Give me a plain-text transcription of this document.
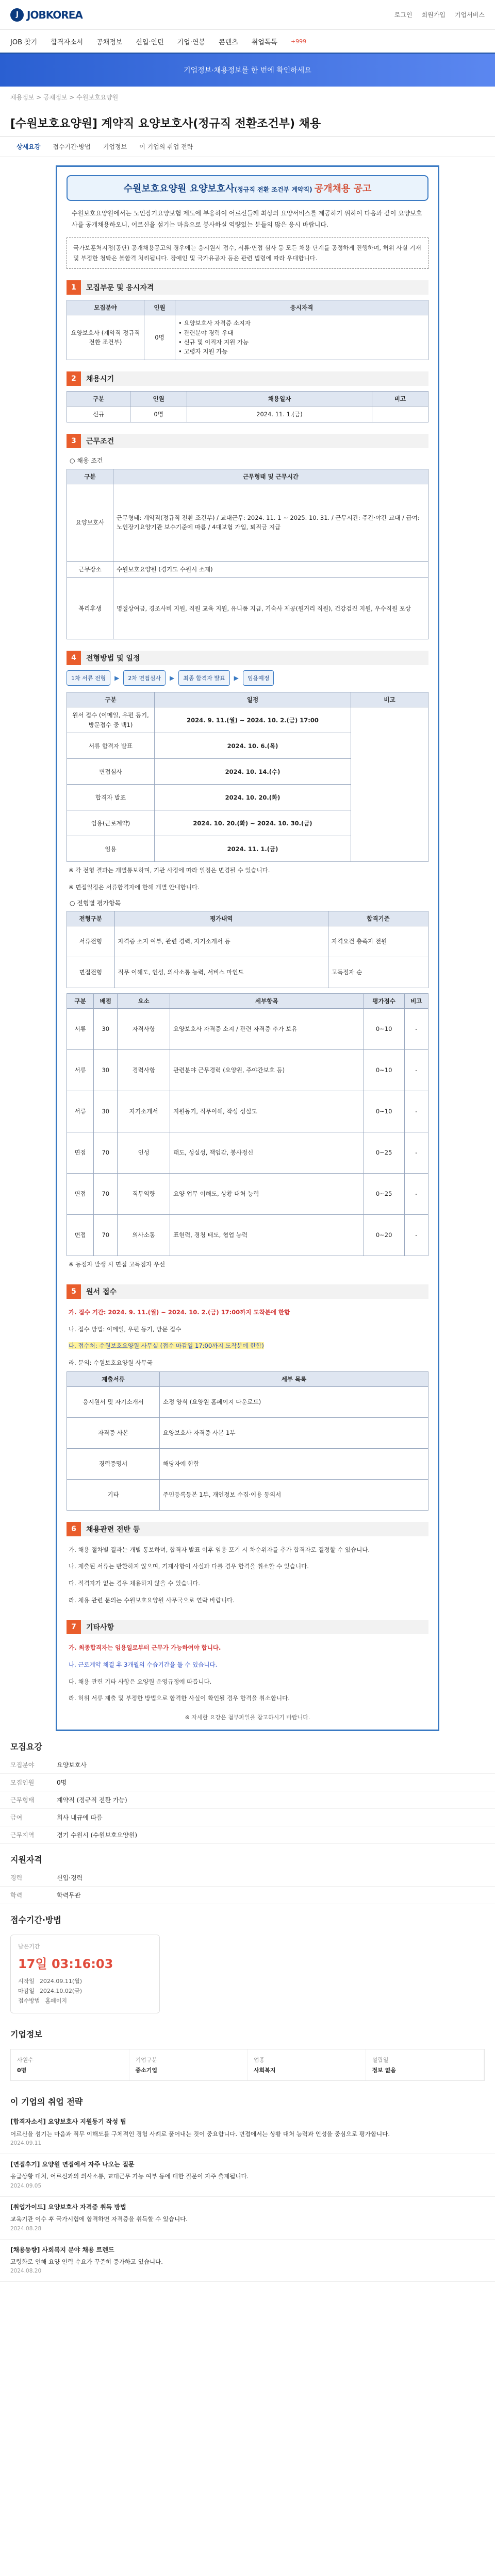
J JOBKOREA	로그인 회원가입 기업서비스
JOB 찾기 합격자소서 공채정보 신입·인턴 기업·연봉 콘텐츠 취업톡톡 +999
기업정보·채용정보를 한 번에 확인하세요
채용정보 > 공채정보 > 수원보호요양원
[수원보호요양원] 계약직 요양보호사(정규직 전환조건부) 채용
상세요강	접수기간·방법	기업정보	이 기업의 취업 전략
수원보호요양원 요양보호사(정규직 전환 조건부 계약직) 공개채용 공고
수원보호요양원에서는 노인장기요양보험 제도에 부응하여 어르신들께 최상의 요양서비스를 제공하기 위하여 다음과 같이 요양보호사를 공개채용하오니, 어르신을 섬기는 마음으로 봉사하실 역량있는 분들의 많은 응시 바랍니다.
국가보훈처지정(공단) 공개채용공고의 경우에는 응시원서 접수, 서류·면접 심사 등 모든 채용 단계를 공정하게 진행하며, 허위 사실 기재 및 부정한 청탁은 불합격 처리됩니다. 장애인 및 국가유공자 등은 관련 법령에 따라 우대합니다.
1	모집부문 및 응시자격
모집분야	인원	응시자격
요양보호사 (계약직 정규직 전환 조건부)	0명	• 요양보호사 자격증 소지자
• 관련분야 경력 우대
• 신규 및 이직자 지원 가능
• 고령자 지원 가능
2	채용시기
구분	인원	채용일자	비고
신규	0명	2024. 11. 1.(금)	
3	근무조건
○ 채용 조건
구분	근무형태 및 근무시간
요양보호사	근무형태: 계약직(정규직 전환 조건부) / 교대근무: 2024. 11. 1 ~ 2025. 10. 31. / 근무시간: 주간·야간 교대 / 급여: 노인장기요양기관 보수기준에 따름 / 4대보험 가입, 퇴직금 지급
근무장소	수원보호요양원 (경기도 수원시 소재)
복리후생	명절상여금, 경조사비 지원, 직원 교육 지원, 유니폼 지급, 기숙사 제공(원거리 직원), 건강검진 지원, 우수직원 포상
4	전형방법 및 일정
1차 서류 전형	▶	2차 면접심사	▶	최종 합격자 발표	▶	임용예정
구분	일정	비고
원서 접수 (이메일, 우편 등기, 방문접수 중 택1)	2024. 9. 11.(월) ~ 2024. 10. 2.(금) 17:00	
서류 합격자 발표	2024. 10. 6.(목)	
면접심사	2024. 10. 14.(수)	
합격자 발표	2024. 10. 20.(화)	
임용(근로계약)	2024. 10. 20.(화) ~ 2024. 10. 30.(금)	
임용	2024. 11. 1.(금)	
※ 각 전형 결과는 개별통보하며, 기관 사정에 따라 일정은 변경될 수 있습니다.
※ 면접일정은 서류합격자에 한해 개별 안내합니다.
○ 전형별 평가항목
전형구분	평가내역	합격기준
서류전형	자격증 소지 여부, 관련 경력, 자기소개서 등	자격요건 충족자 전원
면접전형	직무 이해도, 인성, 의사소통 능력, 서비스 마인드	고득점자 순
구분	배점	요소	세부항목	평가점수	비고
서류	30	자격사항	요양보호사 자격증 소지 / 관련 자격증 추가 보유	0~10	-
서류	30	경력사항	관련분야 근무경력 (요양원, 주야간보호 등)	0~10	-
서류	30	자기소개서	지원동기, 직무이해, 작성 성실도	0~10	-
면접	70	인성	태도, 성실성, 책임감, 봉사정신	0~25	-
면접	70	직무역량	요양 업무 이해도, 상황 대처 능력	0~25	-
면접	70	의사소통	표현력, 경청 태도, 협업 능력	0~20	-
※ 동점자 발생 시 면접 고득점자 우선
5	원서 접수
가. 접수 기간: 2024. 9. 11.(월) ~ 2024. 10. 2.(금) 17:00까지 도착분에 한함
나. 접수 방법: 이메일, 우편 등기, 방문 접수
다. 접수처: 수원보호요양원 사무실 (접수 마감일 17:00까지 도착분에 한함)
라. 문의: 수원보호요양원 사무국
제출서류	세부 목록
응시원서 및 자기소개서	소정 양식 (요양원 홈페이지 다운로드)
자격증 사본	요양보호사 자격증 사본 1부
경력증명서	해당자에 한함
기타	주민등록등본 1부, 개인정보 수집·이용 동의서
6	채용관련 전반 등
가. 채용 절차별 결과는 개별 통보하며, 합격자 발표 이후 임용 포기 시 차순위자를 추가 합격자로 결정할 수 있습니다.
나. 제출된 서류는 반환하지 않으며, 기재사항이 사실과 다를 경우 합격을 취소할 수 있습니다.
다. 적격자가 없는 경우 채용하지 않을 수 있습니다.
라. 채용 관련 문의는 수원보호요양원 사무국으로 연락 바랍니다.
7	기타사항
가. 최종합격자는 임용일로부터 근무가 가능하여야 합니다.
나. 근로계약 체결 후 3개월의 수습기간을 둘 수 있습니다.
다. 채용 관련 기타 사항은 요양원 운영규정에 따릅니다.
라. 허위 서류 제출 및 부정한 방법으로 합격한 사실이 확인될 경우 합격을 취소합니다.
※ 자세한 요강은 첨부파일을 참고하시기 바랍니다.
모집요강
모집분야	요양보호사
모집인원	0명
근무형태	계약직 (정규직 전환 가능)
급여	회사 내규에 따름
근무지역	경기 수원시 (수원보호요양원)
지원자격
경력	신입·경력
학력	학력무관
접수기간·방법
남은기간
17일 03:16:03
시작일 2024.09.11(월)
마감일 2024.10.02(금)
접수방법 홈페이지
기업정보
사원수
0명
기업구분
중소기업
업종
사회복지
설립일
정보 없음
이 기업의 취업 전략
[합격자소서] 요양보호사 지원동기 작성 팁
어르신을 섬기는 마음과 직무 이해도를 구체적인 경험 사례로 풀어내는 것이 중요합니다. 면접에서는 상황 대처 능력과 인성을 중심으로 평가합니다.
2024.09.11
[면접후기] 요양원 면접에서 자주 나오는 질문
응급상황 대처, 어르신과의 의사소통, 교대근무 가능 여부 등에 대한 질문이 자주 출제됩니다.
2024.09.05
[취업가이드] 요양보호사 자격증 취득 방법
교육기관 이수 후 국가시험에 합격하면 자격증을 취득할 수 있습니다.
2024.08.28
[채용동향] 사회복지 분야 채용 트렌드
고령화로 인해 요양 인력 수요가 꾸준히 증가하고 있습니다.
2024.08.20
